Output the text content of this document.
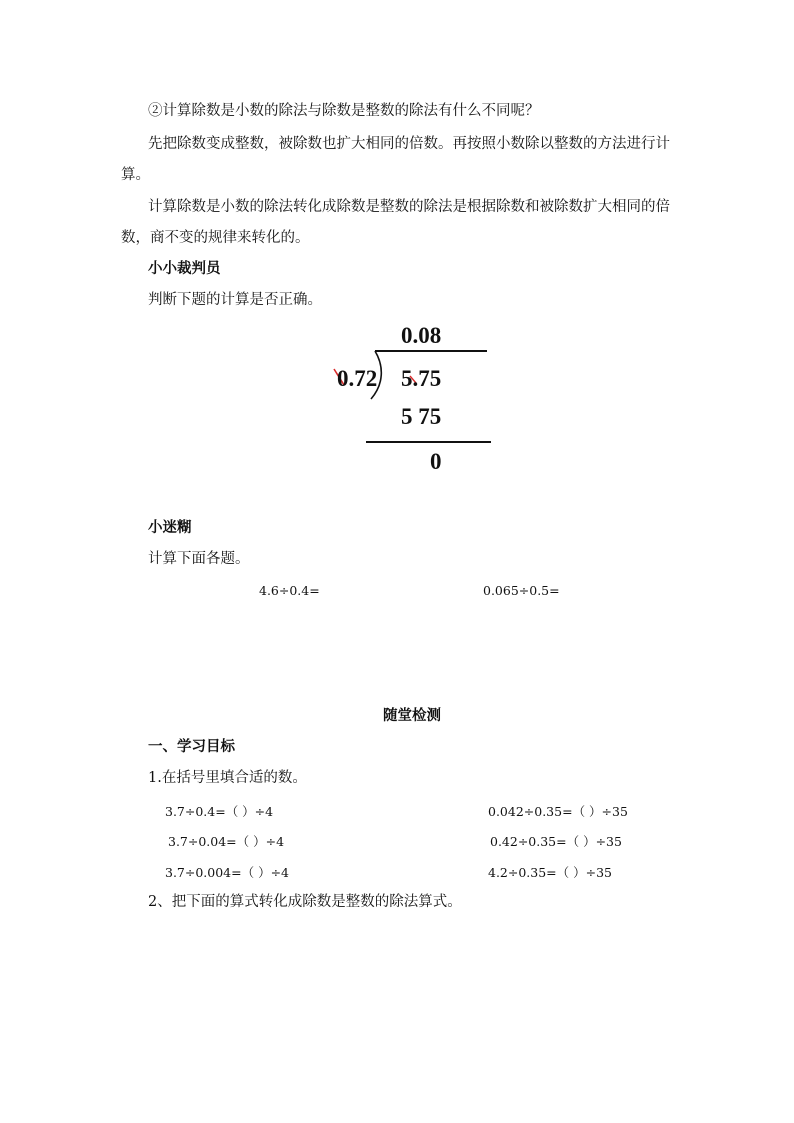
②计算除数是小数的除法与除数是整数的除法有什么不同呢？
先把除数变成整数，被除数也扩大相同的倍数。再按照小数除以整数的方法进行计
算。
计算除数是小数的除法转化成除数是整数的除法是根据除数和被除数扩大相同的倍
数，商不变的规律来转化的。
小小裁判员
判断下题的计算是否正确。
0.08
0.72 5.75
5 75
0
小迷糊
计算下面各题。
4.6÷0.4=	0.065÷0.5=
随堂检测
一、学习目标
1.在括号里填合适的数。
3.7÷0.4=（ ）÷4
3.7÷0.04=（ ）÷4
3.7÷0.004=（ ）÷4
0.042÷0.35=（ ）÷35
0.42÷0.35=（ ）÷35
4.2÷0.35=（ ）÷35
2、把下面的算式转化成除数是整数的除法算式。
